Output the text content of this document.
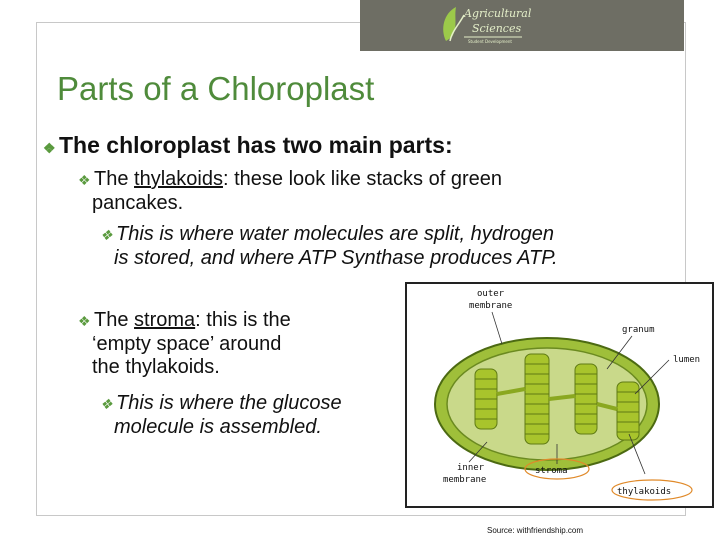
Student Development
Agricultural
Sciences
Parts of a Chloroplast
❖ The chloroplast has two main parts:
❖ The thylakoids: these look like stacks of green
pancakes.
❖ This is where water molecules are split, hydrogen
is stored, and where ATP Synthase produces ATP.
❖ The stroma: this is the
‘empty space’ around
the thylakoids.
❖ This is where the glucose
molecule is assembled.
outer
membrane
granum
lumen
inner
membrane
stroma
thylakoids
Source: withfriendship.com
